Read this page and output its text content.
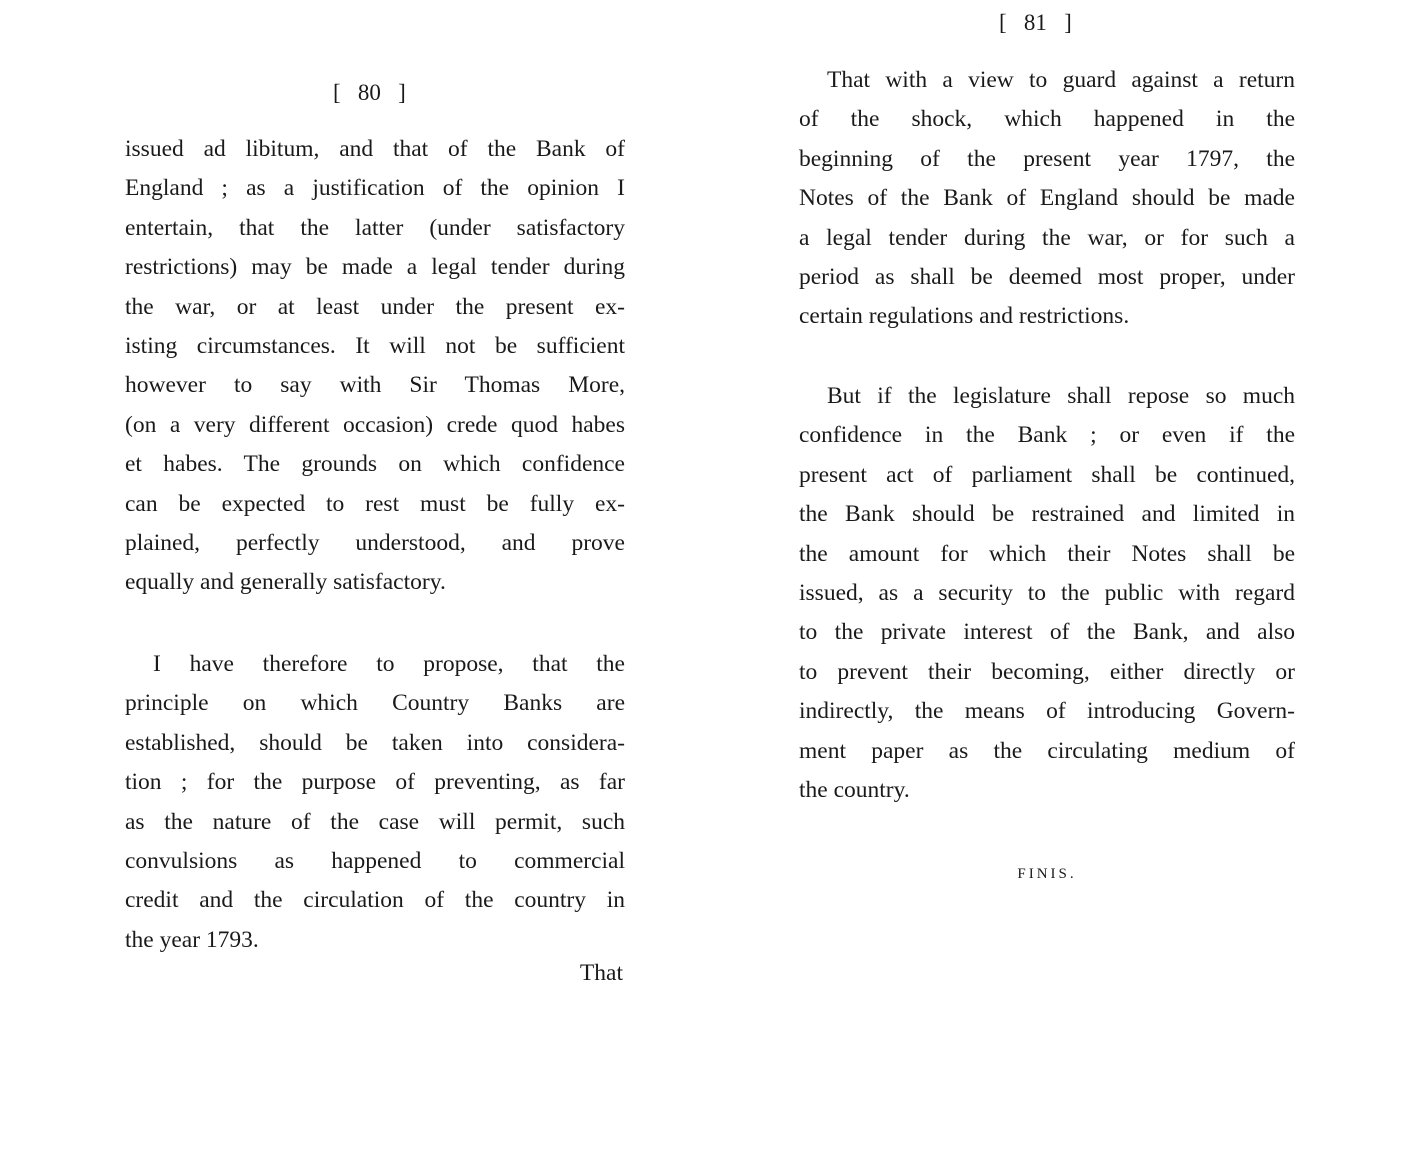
[   80   ]
issued ad libitum, and that of the Bank of
England ; as a justification of the opinion I
entertain, that the latter (under satisfactory
restrictions) may be made a legal tender during
the war, or at least under the present ex-
isting circumstances. It will not be sufficient
however to say with Sir Thomas More,
(on a very different occasion) crede quod habes
et habes. The grounds on which confidence
can be expected to rest must be fully ex-
plained, perfectly understood, and prove
equally and generally satisfactory.
I have therefore to propose, that the
principle on which Country Banks are
established, should be taken into considera-
tion ; for the purpose of preventing, as far
as the nature of the case will permit, such
convulsions as happened to commercial
credit and the circulation of the country in
the year 1793.
That
[   81   ]
That with a view to guard against a return
of the shock, which happened in the
beginning of the present year 1797, the
Notes of the Bank of England should be made
a legal tender during the war, or for such a
period as shall be deemed most proper, under
certain regulations and restrictions.
But if the legislature shall repose so much
confidence in the Bank ; or even if the
present act of parliament shall be continued,
the Bank should be restrained and limited in
the amount for which their Notes shall be
issued, as a security to the public with regard
to the private interest of the Bank, and also
to prevent their becoming, either directly or
indirectly, the means of introducing Govern-
ment paper as the circulating medium of
the country.
FINIS.
